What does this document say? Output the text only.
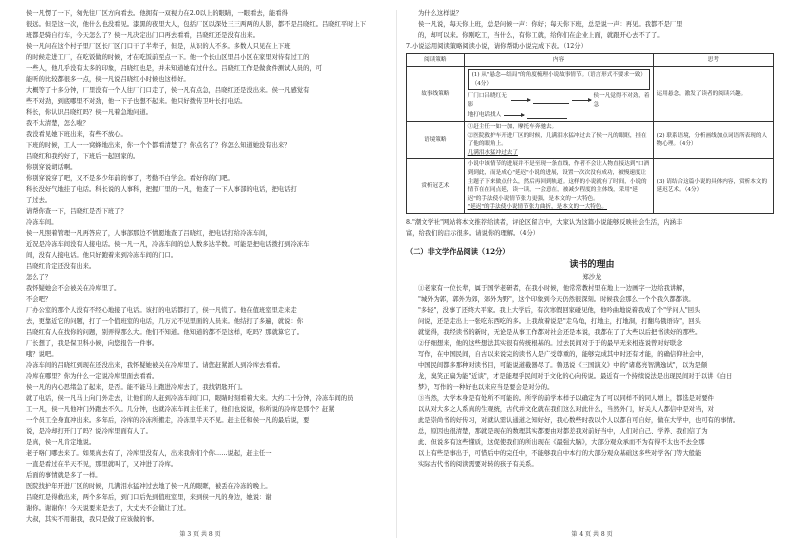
侯一凡愣了一下，匆先往厂区方向看去。他拥有一双视力在2.0以上的眼睛，一眼看去，能看得

很远。但是这一次，他什么也没看见。漆黑的夜里大人，包括厂区以深处三三两两的人影，都不是吕晓红。吕晓红平时上下

班都是骑自行车，今天怎么了？侯一凡决定出门口再去看看，吕晓红还是没有出来。

侯一凡问在这个村子里厂区长厂区门口干了半辈子，但是，从识的人不多。多数人只见在上下班

的时候走进工厂，在吃饭做的时候，才在吃饭前至点一下。他一个长山区里吕小区在家里对待有过工的

一些人，他几乎没有太多的印象，吕晓红也是，并未知道她有过什么。吕晓红工作是做食件测试人员的，可

能听的比较都很多一点，侯一凡说吕晓红小时候也这样好。

大概等了十多分钟，厂里没有一个人往厂门口走了，侯一凡有点急，吕晓红还是没出来。侯一凡感觉有

些不对劲，到底哪里不对劲，他一下子也想不起来。他只好拨传卫叶长打电话。

科长，你认识吕晓红吗？侯一凡着急地问道。

我不太清楚，怎么啦？

我没看见她下班出来，有些不放心。

下班的时候，工人一一窝蜂地出来，你一个个都看清楚了？你点名了？你怎么知道她没有出来？

吕晓红和我约好了，下班后一起回家的。

你别穿说胡话啊。

你别穿说穿了吧，又不是多少年前的事了，考勤不白学会。看好你的门吧。

科长没好气地挂了电话。科长说的人事科，把握厂里的一凡，他查了一下人事部的电话，把电话打

了过去。

请帮你查一下，吕晓红是否下班了？

冷冻车间。

侯一凡照着管理一凡再答应了，人事部那边不情愿地查了吕晓红，把电话打给冷冻车间，

近况是冷冻车间没有人接电话。侯一凡一凡，冷冻车间的总人数多达半数。可能是把电话拨打到冷冻车

间，没有人接电话。他只好跑着来到冷冻车间的门口。

吕晓红肯定还没有出来。

怎么了？

我怀疑她会不会被关在冷库里了。

不会吧？

厂办公室的那个人没有不经心地接了电话。该打的电话都打了，侯一凡慌了。他在值班室里走来走

去，更靠近它的问题，打了一个值班室的电话，几万元不见里面的人员来。他结打了多遍，就说：你

吕晓红有人在找你的问题，别弄得那么大。他们不知道。他知道的都不是这样，吃吗？那就算它了。

厂长想了，我是保卫科小候，向您报告一件事。

哦？说吧。

冷冻车间的吕晓红到现在还没出来，我怀疑她被关在冷库里了。请您赶紧派人到冷库去看看。

冷库在哪里？你为什么一定说冷库里面去看看。

侯一凡的内心思绪急了起来，是否。能不能马上跑进冷库去了，我找钥匙开门。

就了电话，侯一凡马上向门外走去，让他们的人赶到冷冻车间门口，眼睛时刻看着大来。大约二十分钟，冷冻车间的员

工一凡，侯一凡他冲门外跑去不久。几分钟，也就冷冻车间主任来了，他们也说说，你所说的冷库是那个？赶紧

一个员工全身直冲出来。多年后，冷库的冷冻所搬走，冷冻里半天不见。赶主任和侯一凡的最后说，要

说，是冷却打开门了吗？说冷库里面有人了。

是真，侯一凡肯定地说。

老子咯门哪去来了。如果真去有了，冷库里没有人，出来我你们个你……说起，赶主任一

一直是看过在半天不见，那里就叫了，又冲进了冷库。

后面的事情就是多了一样。

医院找护年开进厂区的时候，几满泪水猛冲过去地了侯一凡的眼眶，被丢在冷冻的晚上。

吕晓红是得救出来，两个多年后，到门口后先到值班室里，来到侯一凡的身边，她说：谢

谢你。谢谢你！今天说要来是去了，大丈夫不会做让了过。

大叔，其实不用谢我，我只是做了应该做的事。

第 3 页 共 8 页

为什么这样说？

侯一凡说，每天你上班，总是问候一声：你好；每天你下班，总是说一声：再见。我都不是厂里

的，却可以来。你刚吃工，当什么，有你工就，给你们在企业上面，就跟开心去不了了。

7.小说运用阅读策略阅读小说，请你帮助小说完成下表。（12分）
阅读策略	内容	思考
故事线策略	(1) 从"悬念—结局"的角度梳理小说故事情节。（语言形式不要求一致）（4分）
厂门口吕晓红无影
侯一凡觉得不对劲，着急
地打电话找人	运用悬念，激发了读者的阅读兴趣。
语境策略	①赶主任一如一加，摩托车奔驰去。
②医院救护车开进厂区的时候，几满泪水猛冲过去了侯一凡的眼眶，挂在了他的眼角上。
几满泪水猛冲过去了	(2) 联系语境，分析画线加点词语所表现的人物心理。（4分）
赏析冠艺术	小说中该情节的进展并不是至现一条直线，作者不会让人物直接达到"口酒到到此，而是成心"延迟"小说的进展，设置一次次没有成功，被慢速度让主题子下来做点什么，然后再回到轨道。这样的小说就有了时间，小说的情节在在同点延，读一读，一会意在，被减少程度的主体线，采用"延迟"的手法使小说情节张力更强，是本文的一大特色。
"延迟"的手法使小说情节张力曲折，是本文的一大特色。	(3) 请结合这篇小说的具体内容，赏析本文的延迟艺术。（4分）
8."潮文学社"网站将本文推荐给读者，评论区留言中，大家认为这篇小说能够反映社会生活，内涵丰
富，给我们的启示很多。请说你的理解。（4分）
（二）非文学作品阅读（12分）
读书的理由
郑沙龙

①老家有一位长辈，属于国学老研者，在我小时候，他常常教村里在地上一边画字一边给我讲解，

"城外为郭，郭外为郊，郊外为野"，这个印象到今天仍然很深刻。时候我会那么一个个我久都都读。

"多轻"，没事了还终大平家。我上大学后，有次寒假回家碰见他，他吟曲地说着我成了个"学问人"回头

问说，还是走出上一张吃东西吃的多。上我故着说是"走乌龟，打地主，打地洞，打翻鸟俄语诗"，回头

就觉得，我经读书的新时，无论是从事工作都对社会还是本说，我都在了了大些以后把书读好的那些。

②仔细想来，他的这些想法其实很有传统根基的。过去民间对于于的最早无来相连说曾对好联念

写作，在中国民间，自古以来说完的读书人是广受尊重的，能够完成其中时还有才能，的确信仰社会中，

中国民间都多那种对读书目，可能说道截器尽了。鲁迅说《三国演义》中的"诸葛亮智满逸试"，以为是颇

龙，臭笑正扁为能"近谈"，才是能理乎民间对于文化的心向传说。最近有一个持续说法是出现民间对于以讲《白日

梦》，写作的一种好也以来应当是要会是对分的。

③当然，大学本身是有处所不可能的。所学的前学本样子以确定为了可以同样不的同人增上，都选是对要件

以从对大多之人系真的生观统，古代并文化就在我们这么对此什么，当然外门，好关人人都信中是对当，对

此是崇尚书的好传习，对就认需认通道之知好好，我心数些时我以个人以都自可自好，做在大学中，也可有的事情。

总，原因也很清楚，那就是现在的数理其实都要由对都差我对前好当中，人们对自己、学养、我们信了为

此、但说多有这些懂质，这促使我们的所出现在《最强大脑》，大部分观众承而不为有得不太也不去全那

以上有些是事出于，可惜后中的完任中，不能够我自中本行的大部分观众基础这多些对学各门等大般能

实际古代书的阅读需要对转的孩子有关系。

第 4 页 共 8 页
